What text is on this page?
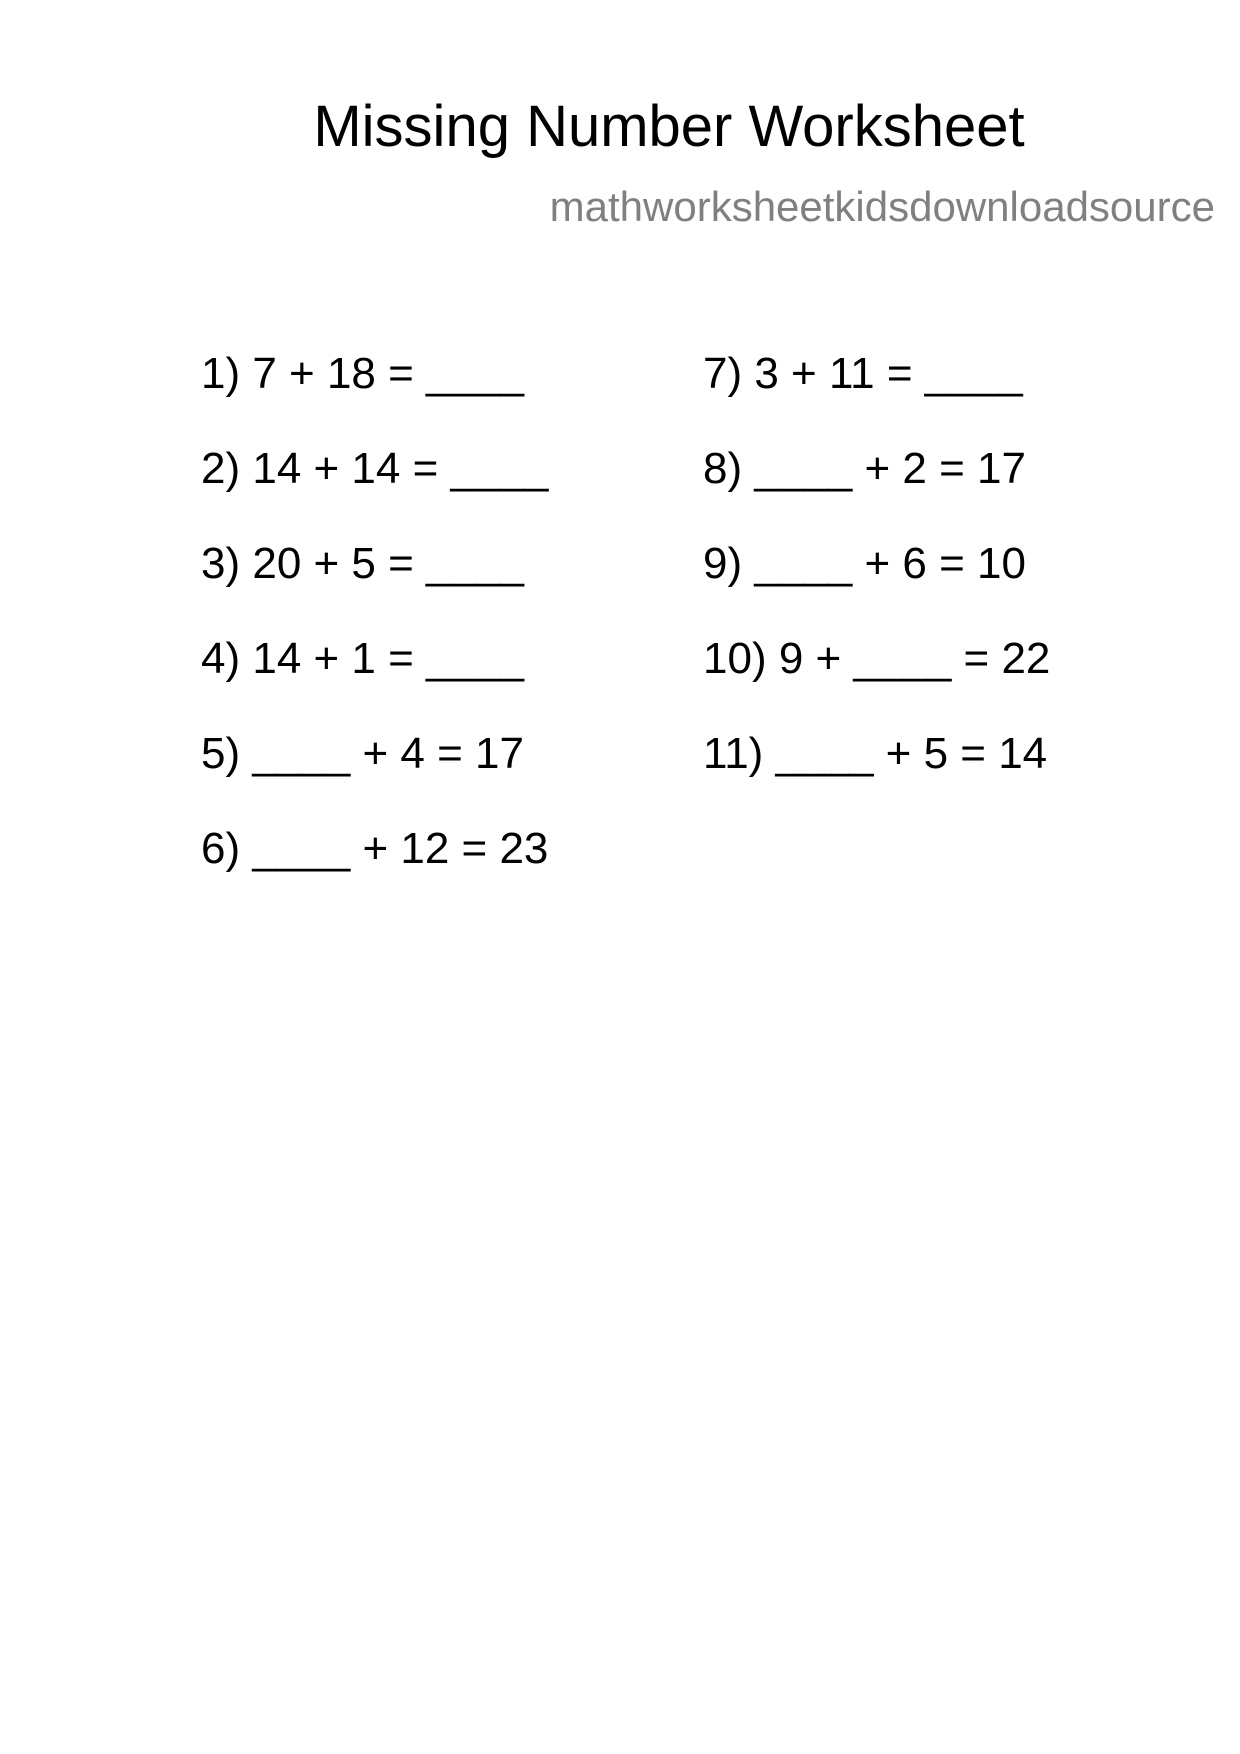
Missing Number Worksheet
mathworksheetkidsdownloadsource
1) 7 + 18 = ____
2) 14 + 14 = ____
3) 20 + 5 = ____
4) 14 + 1 = ____
5) ____ + 4 = 17
6) ____ + 12 = 23
7) 3 + 11 = ____
8) ____ + 2 = 17
9) ____ + 6 = 10
10) 9 + ____ = 22
11) ____ + 5 = 14
